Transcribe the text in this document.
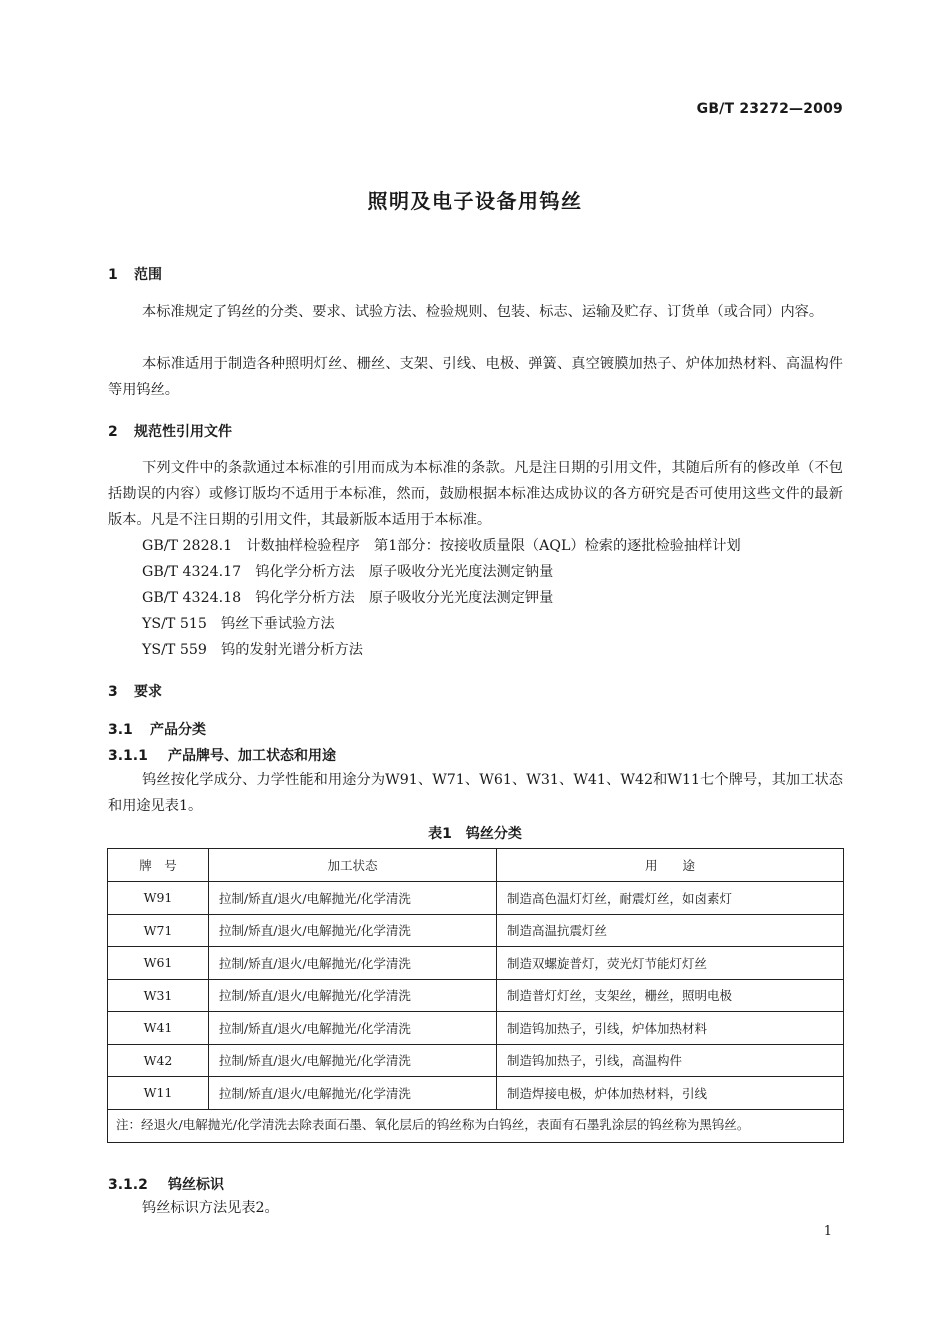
GB/T 23272—2009
照明及电子设备用钨丝
1 范围
本标准规定了钨丝的分类、要求、试验方法、检验规则、包装、标志、运输及贮存、订货单（或合同）内容。
本标准适用于制造各种照明灯丝、栅丝、支架、引线、电极、弹簧、真空镀膜加热子、炉体加热材料、高温构件等用钨丝。
2 规范性引用文件
下列文件中的条款通过本标准的引用而成为本标准的条款。凡是注日期的引用文件，其随后所有的修改单（不包括勘误的内容）或修订版均不适用于本标准，然而，鼓励根据本标准达成协议的各方研究是否可使用这些文件的最新版本。凡是不注日期的引用文件，其最新版本适用于本标准。
GB/T 2828.1　计数抽样检验程序　第1部分：按接收质量限（AQL）检索的逐批检验抽样计划
GB/T 4324.17　钨化学分析方法　原子吸收分光光度法测定钠量
GB/T 4324.18　钨化学分析方法　原子吸收分光光度法测定钾量
YS/T 515　钨丝下垂试验方法
YS/T 559　钨的发射光谱分析方法
3 要求
3.1 产品分类
3.1.1 产品牌号、加工状态和用途
钨丝按化学成分、力学性能和用途分为W91、W71、W61、W31、W41、W42和W11七个牌号，其加工状态和用途见表1。
表1　钨丝分类
牌　号	加工状态	用　　途
W91	拉制/矫直/退火/电解抛光/化学清洗	制造高色温灯灯丝，耐震灯丝，如卤素灯
W71	拉制/矫直/退火/电解抛光/化学清洗	制造高温抗震灯丝
W61	拉制/矫直/退火/电解抛光/化学清洗	制造双螺旋普灯，荧光灯节能灯灯丝
W31	拉制/矫直/退火/电解抛光/化学清洗	制造普灯灯丝，支架丝，栅丝，照明电极
W41	拉制/矫直/退火/电解抛光/化学清洗	制造钨加热子，引线，炉体加热材料
W42	拉制/矫直/退火/电解抛光/化学清洗	制造钨加热子，引线，高温构件
W11	拉制/矫直/退火/电解抛光/化学清洗	制造焊接电极，炉体加热材料，引线

注：经退火/电解抛光/化学清洗去除表面石墨、氧化层后的钨丝称为白钨丝，表面有石墨乳涂层的钨丝称为黑钨丝。		
3.1.2 钨丝标识
钨丝标识方法见表2。
1
